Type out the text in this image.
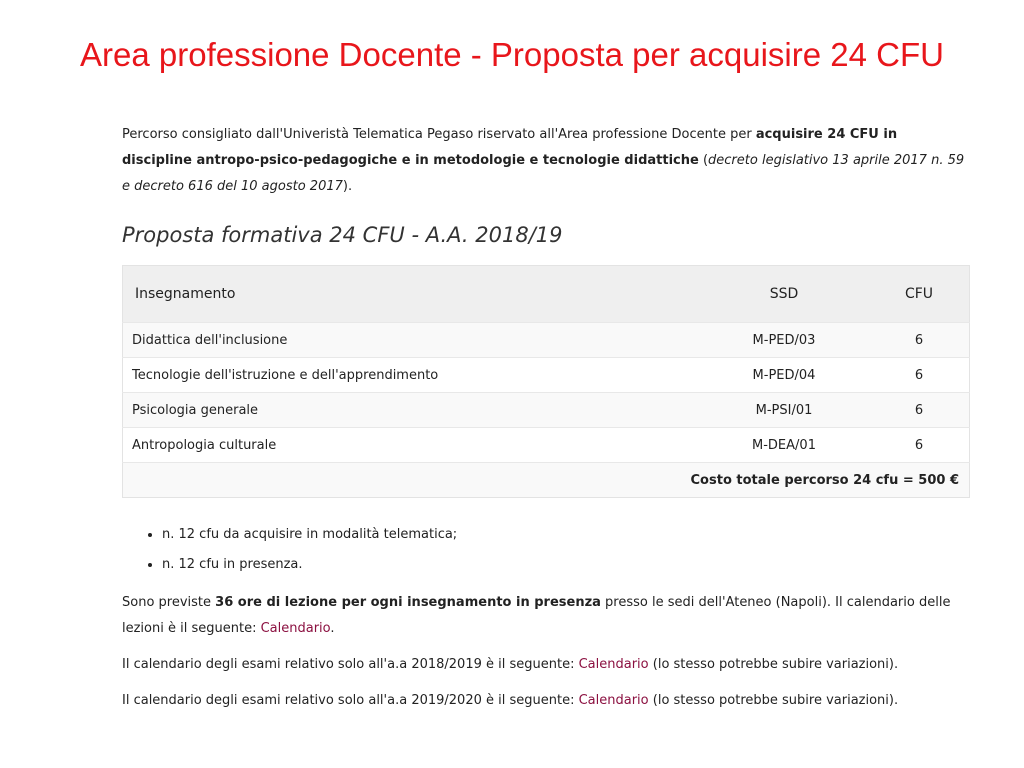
Area professione Docente - Proposta per acquisire 24 CFU

Percorso consigliato dall'Univeristà Telematica Pegaso riservato all'Area professione Docente per acquisire 24 CFU in discipline antropo-psico-pedagogiche e in metodologie e tecnologie didattiche (decreto legislativo 13 aprile 2017 n. 59 e decreto 616 del 10 agosto 2017).

Proposta formativa 24 CFU - A.A. 2018/19
Insegnamento	SSD	CFU
Didattica dell'inclusione	M-PED/03	6
Tecnologie dell'istruzione e dell'apprendimento	M-PED/04	6
Psicologia generale	M-PSI/01	6
Antropologia culturale	M-DEA/01	6
Costo totale percorso 24 cfu = 500 €		
• n. 12 cfu da acquisire in modalità telematica;
• n. 12 cfu in presenza.

Sono previste 36 ore di lezione per ogni insegnamento in presenza presso le sedi dell'Ateneo (Napoli). Il calendario delle lezioni è il seguente: Calendario.

Il calendario degli esami relativo solo all'a.a 2018/2019 è il seguente: Calendario (lo stesso potrebbe subire variazioni).

Il calendario degli esami relativo solo all'a.a 2019/2020 è il seguente: Calendario (lo stesso potrebbe subire variazioni).
